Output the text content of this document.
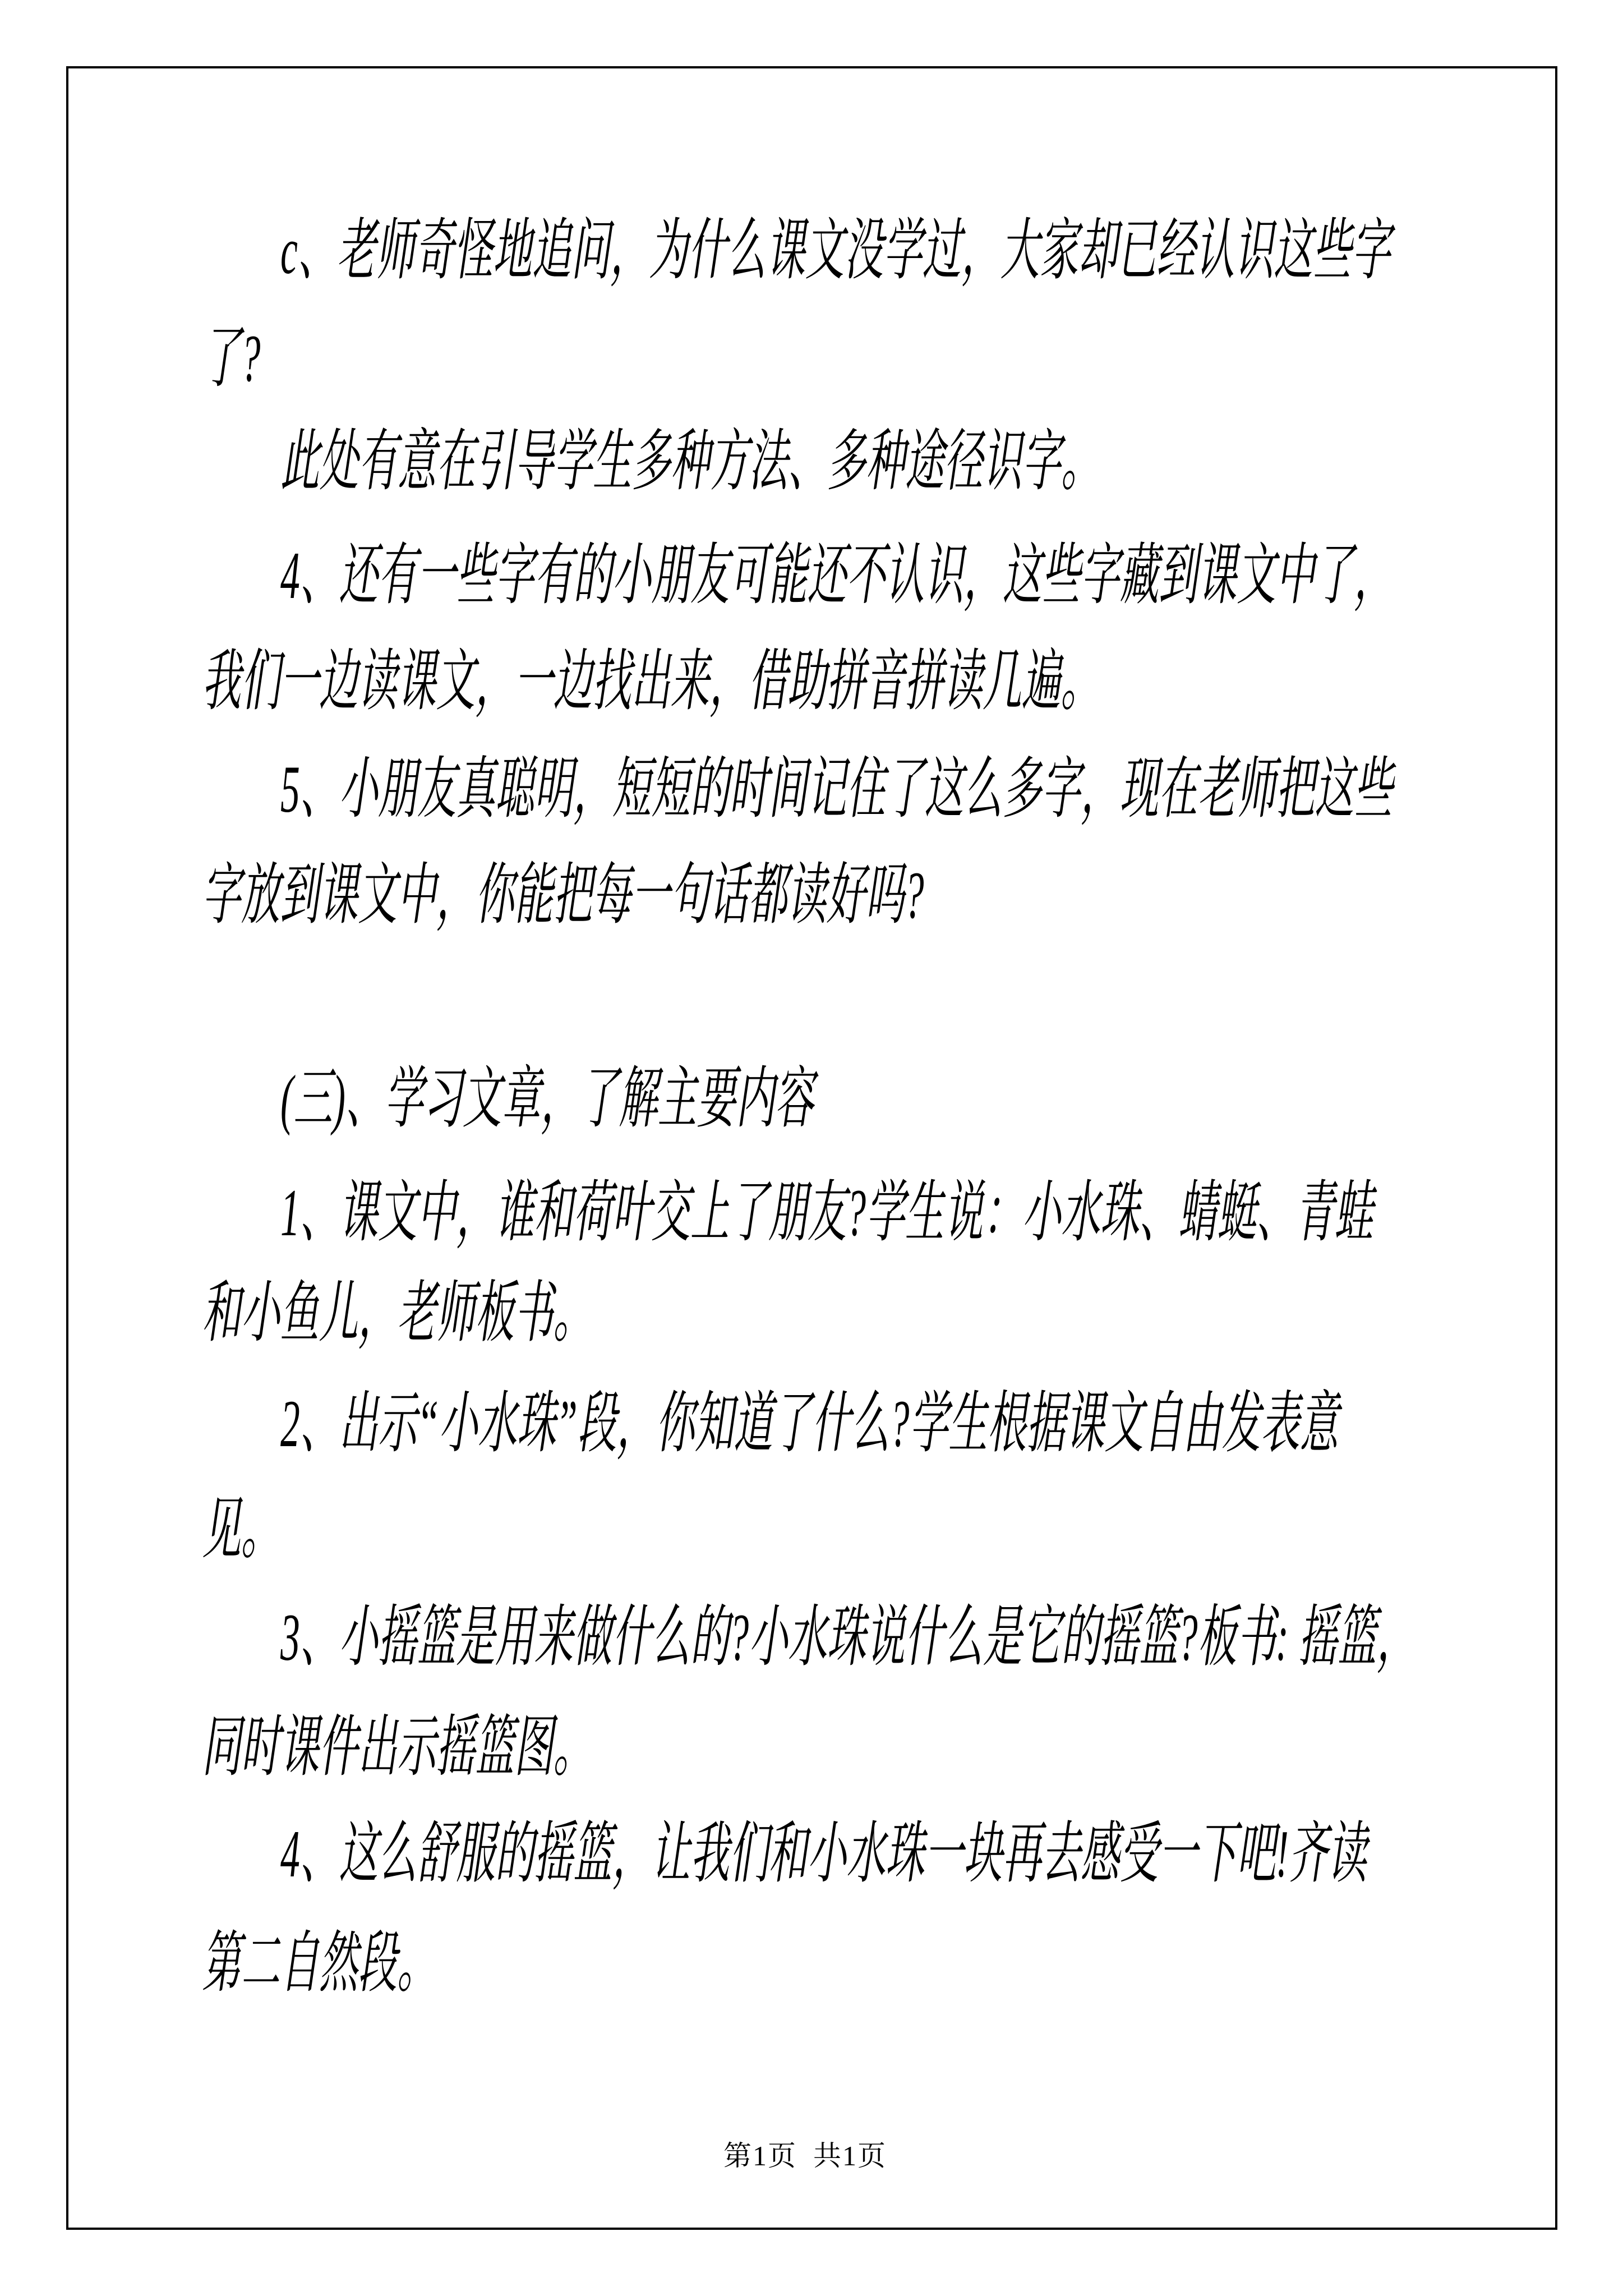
c、老师奇怪地追问，为什么课文没学过，大家却已经认识这些字
了?
此处有意在引导学生多种方法、多种途径识字。
4、还有一些字有的小朋友可能还不认识，这些字藏到课文中了，
我们一边读课文，一边找出来，借助拼音拼读几遍。
5、小朋友真聪明，短短的时间记住了这么多字，现在老师把这些
字放到课文中，你能把每一句话都读好吗?
(三)、学习文章，了解主要内容
1、课文中，谁和荷叶交上了朋友?学生说：小水珠、蜻蜓、青蛙
和小鱼儿，老师板书。
2、出示“小水珠”段，你知道了什么?学生根据课文自由发表意
见。
3、小摇篮是用来做什么的?小水珠说什么是它的摇篮?板书: 摇篮，
同时课件出示摇篮图。
4、这么舒服的摇篮，让我们和小水珠一块再去感受一下吧!齐读
第二自然段。
第1页  共1页
